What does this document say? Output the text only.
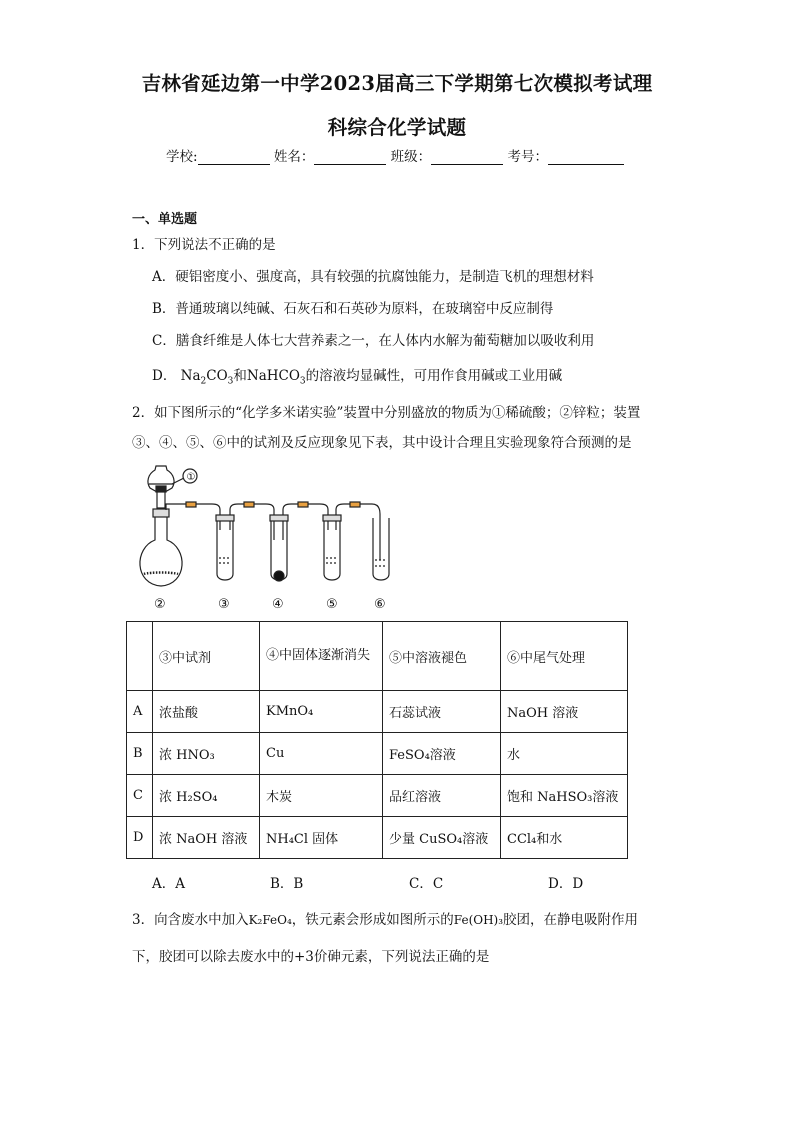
吉林省延边第一中学2023届高三下学期第七次模拟考试理
科综合化学试题
学校:	姓名：	班级：	考号：
一、单选题
1．下列说法不正确的是
A．硬铝密度小、强度高，具有较强的抗腐蚀能力，是制造飞机的理想材料
B．普通玻璃以纯碱、石灰石和石英砂为原料，在玻璃窑中反应制得
C．膳食纤维是人体七大营养素之一，在人体内水解为葡萄糖加以吸收利用
D． $Na_2CO_3$和NaHCO$_3$的溶液均显碱性，可用作食用碱或工业用碱
2．如下图所示的“化学多米诺实验”装置中分别盛放的物质为①稀硫酸；②锌粒；装置
③、④、⑤、⑥中的试剂及反应现象见下表，其中设计合理且实验现象符合预测的是
①
②	③	④	⑤	⑥
	③中试剂	④中固体逐渐消失	⑤中溶液褪色	⑥中尾气处理
A	浓盐酸	KMnO₄	石蕊试液	NaOH 溶液
B	浓 HNO₃	Cu	FeSO₄溶液	水
C	浓 H₂SO₄	木炭	品红溶液	饱和 NaHSO₃溶液
D	浓 NaOH 溶液	NH₄Cl 固体	少量 CuSO₄溶液	CCl₄和水
A．A	B．B	C．C	D．D
3．向含废水中加入K₂FeO₄，铁元素会形成如图所示的Fe(OH)₃胶团，在静电吸附作用
下，胶团可以除去废水中的+3价砷元素，下列说法正确的是
